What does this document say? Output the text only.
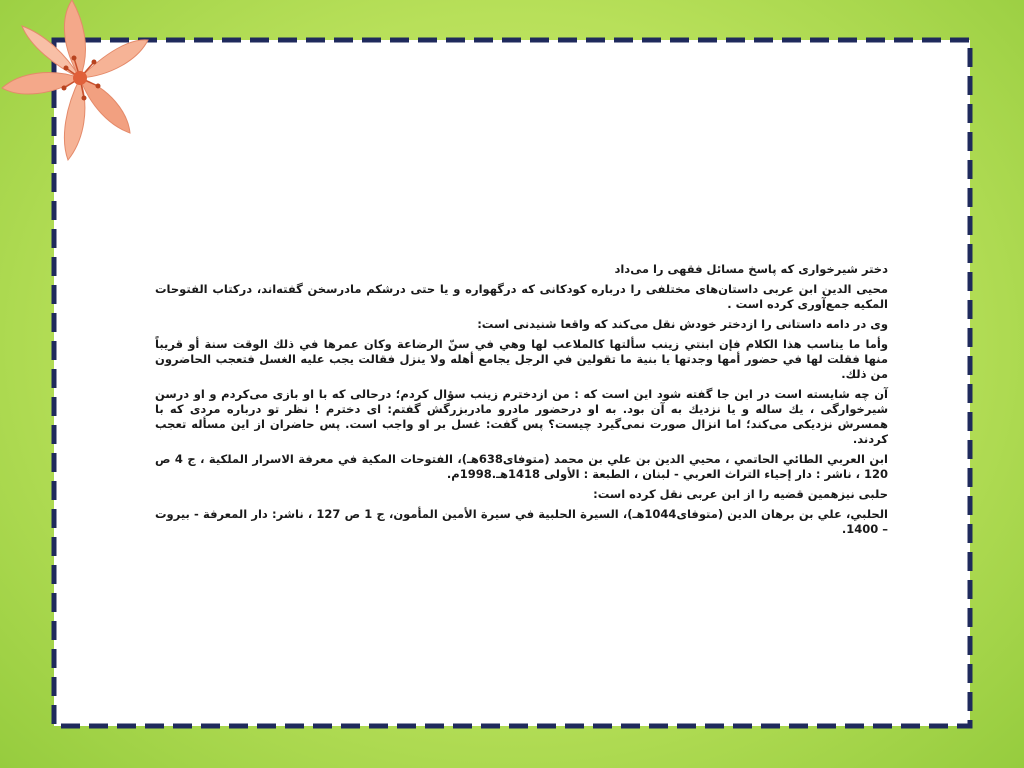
دختر شیرخواری که پاسخ مسائل فقهی را می‌داد

محیی الدین ابن عربی داستان‌های مختلفی را درباره کودکانی که درگهواره و یا حتی درشکم مادرسخن گفته‌اند، درکتاب الفتوحات المکیه جمع‌آوری کرده است .

وی در دامه داستانی را ازدختر خودش نقل می‌کند که واقعا شنیدنی است:

وأما ما يناسب هذا الكلام فإن ابنتي زينب سألتها كالملاعب لها وهي في سنّ الرضاعة وكان عمرها في ذلك الوقت سنة أو قريباً منها فقلت لها في حضور أمها وجدتها يا بنية ما تقولين في الرجل يجامع أهله ولا ينزل فقالت يجب عليه الغسل فتعجب الحاضرون من ذلك.

آن چه شایسته است در این جا گفته شود این است که : من ازدخترم زینب سؤال کردم؛ درحالی که با او بازی می‌کردم و او درسن شیرخوارگی ، یك ساله و یا نزدیك به آن بود. به او درحضور مادرو مادربزرگش گفتم: ای دخترم ! نظر تو درباره مردی که با همسرش نزدیکی می‌کند؛ اما انزال صورت نمی‌گیرد چیست؟ پس گفت: غسل بر او واجب است. پس حاضران از این مسأله تعجب کردند.

ابن العربي الطائي الحاتمي ، محيي الدين بن علي بن محمد (متوفای638هـ)، الفتوحات المكية في معرفة الاسرار الملكية ، ج 4 ص 120 ، ناشر : دار إحياء التراث العربي - لبنان ، الطبعة : الأولى 1418هـ.1998م.

حلبی نیزهمین قضیه را از ابن عربی نقل کرده است:

الحلبي، علي بن برهان الدين (متوفای1044هـ)، السيرة الحلبية في سيرة الأمين المأمون، ج 1 ص 127 ، ناشر: دار المعرفة - بيروت – 1400.
